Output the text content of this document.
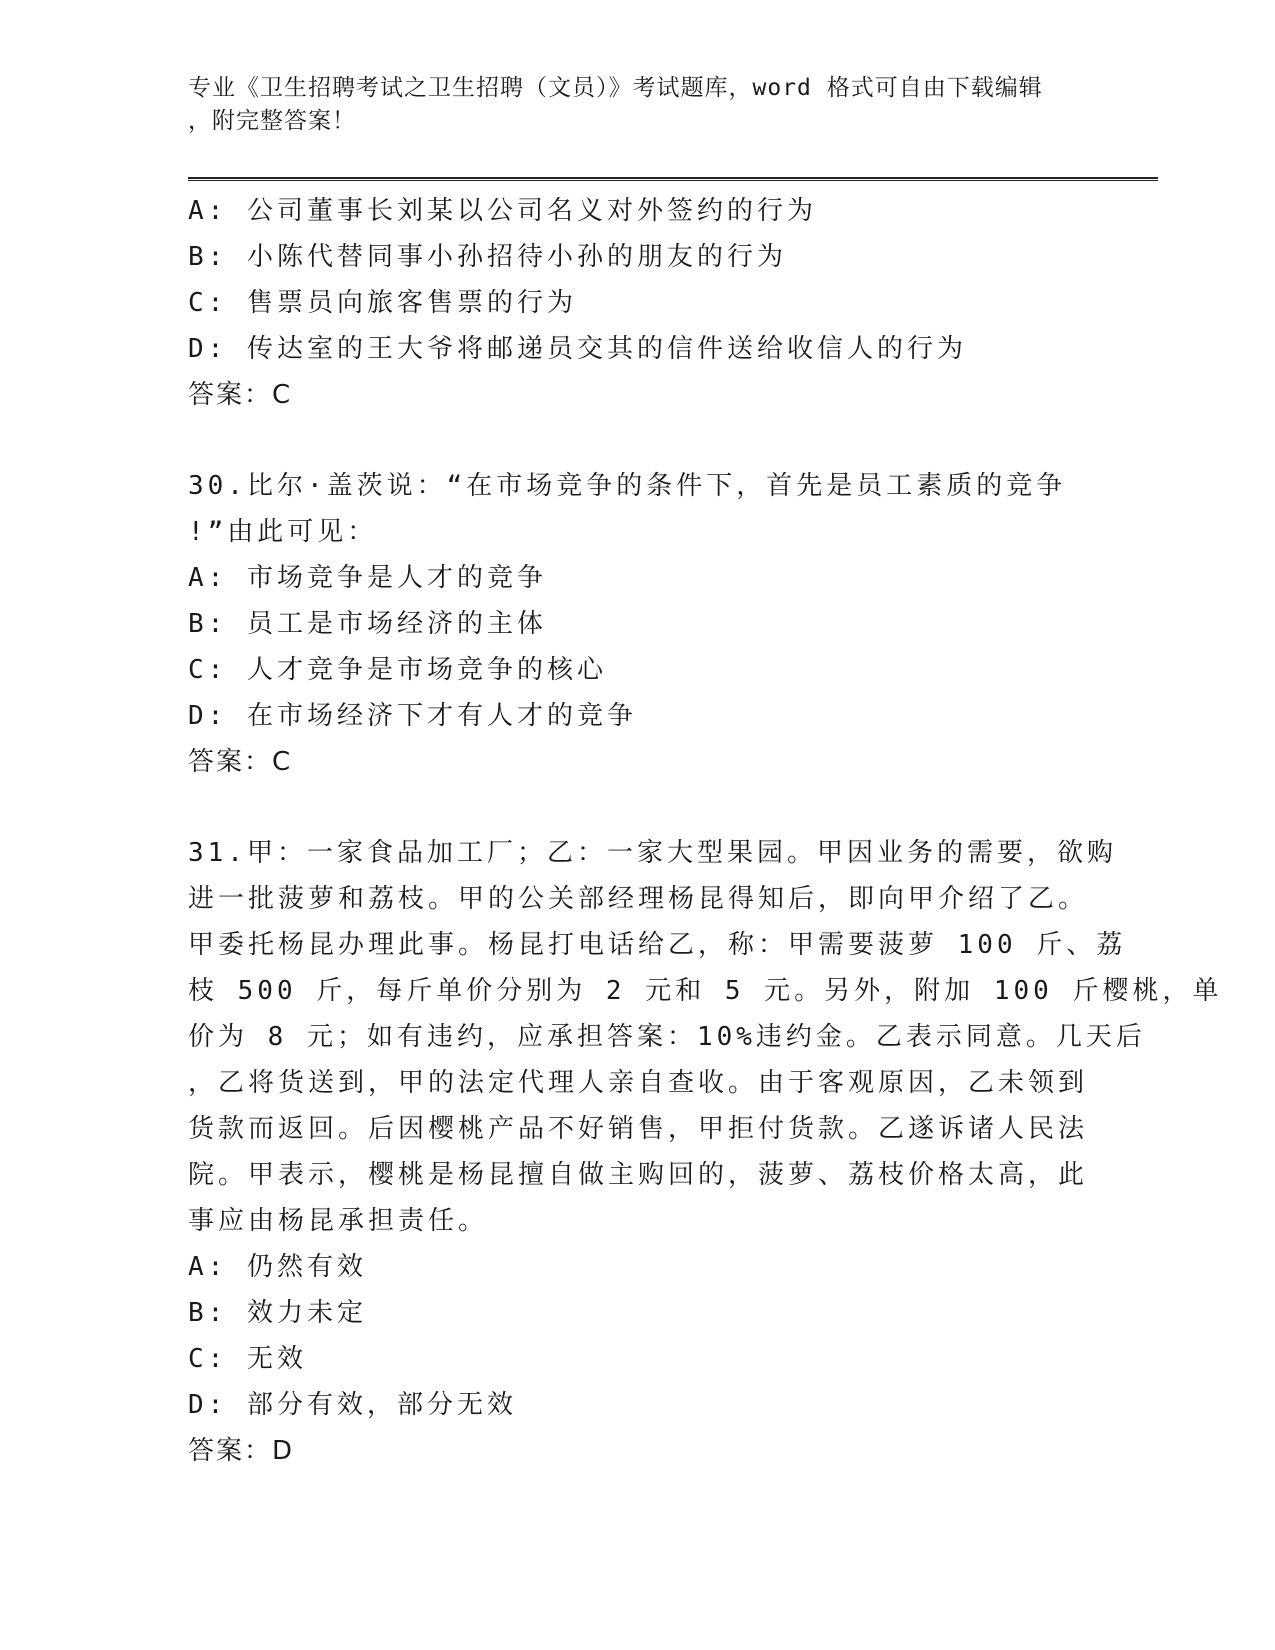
专业《卫生招聘考试之卫生招聘（文员）》考试题库，word 格式可自由下载编辑
，附完整答案！
A: 公司董事长刘某以公司名义对外签约的行为
B: 小陈代替同事小孙招待小孙的朋友的行为
C: 售票员向旅客售票的行为
D: 传达室的王大爷将邮递员交其的信件送给收信人的行为
答案：C
30.比尔·盖茨说：“在市场竞争的条件下，首先是员工素质的竞争
!”由此可见：
A: 市场竞争是人才的竞争
B: 员工是市场经济的主体
C: 人才竞争是市场竞争的核心
D: 在市场经济下才有人才的竞争
答案：C
31.甲：一家食品加工厂；乙：一家大型果园。甲因业务的需要，欲购
进一批菠萝和荔枝。甲的公关部经理杨昆得知后，即向甲介绍了乙。
甲委托杨昆办理此事。杨昆打电话给乙，称：甲需要菠萝 100 斤、荔
枝 500 斤，每斤单价分别为 2 元和 5 元。另外，附加 100 斤樱桃，单
价为 8 元；如有违约，应承担答案：10%违约金。乙表示同意。几天后
，乙将货送到，甲的法定代理人亲自查收。由于客观原因，乙未领到
货款而返回。后因樱桃产品不好销售，甲拒付货款。乙遂诉诸人民法
院。甲表示，樱桃是杨昆擅自做主购回的，菠萝、荔枝价格太高，此
事应由杨昆承担责任。
A: 仍然有效
B: 效力未定
C: 无效
D: 部分有效，部分无效
答案：D
